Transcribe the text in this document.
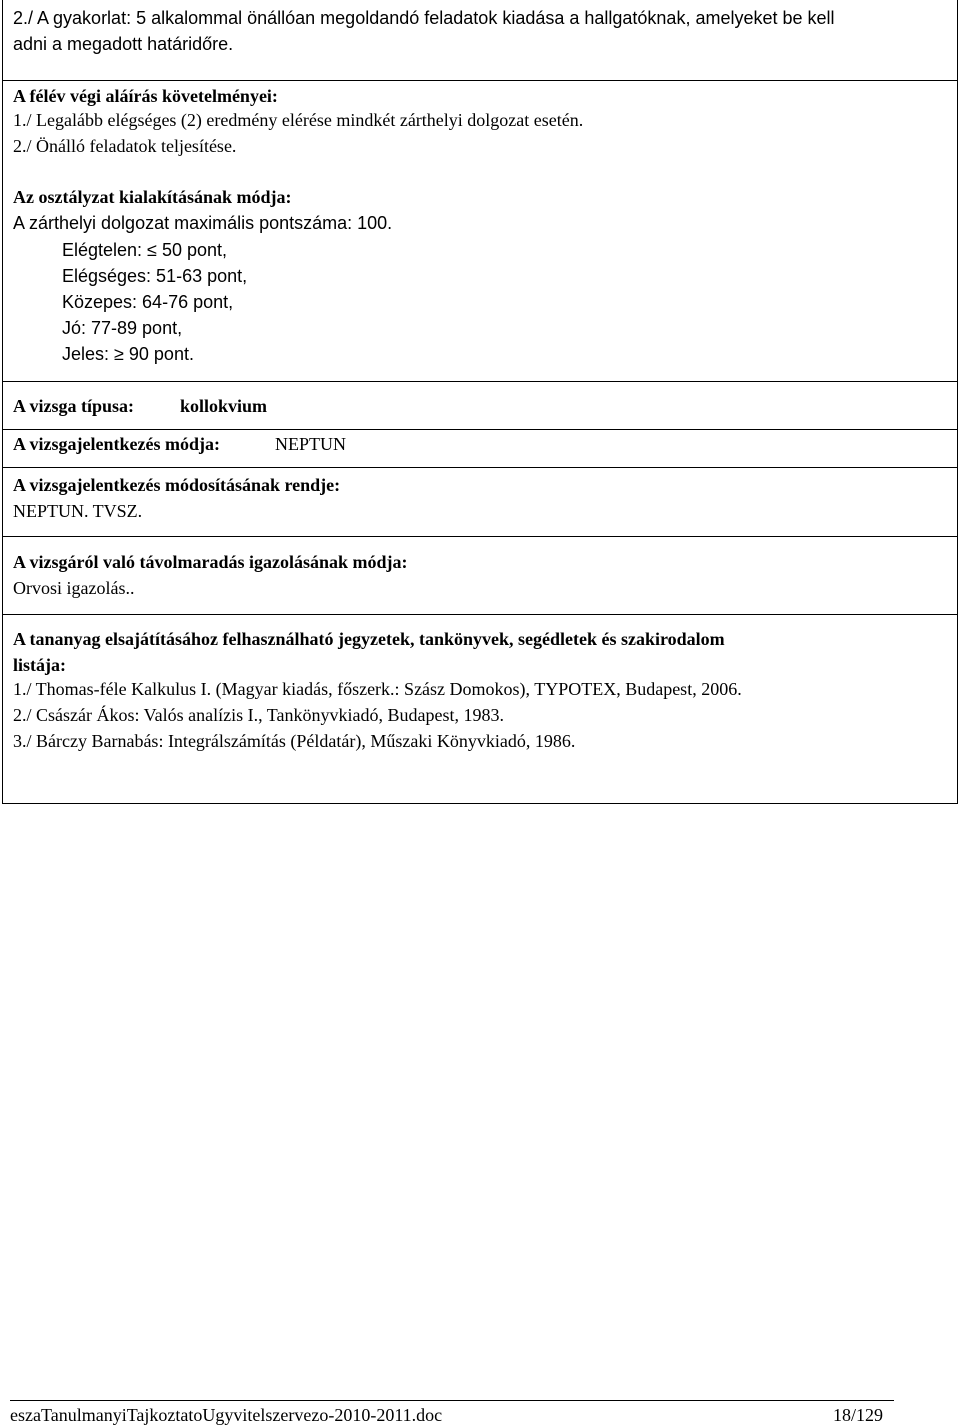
2./ A gyakorlat: 5 alkalommal önállóan megoldandó feladatok kiadása a hallgatóknak, amelyeket be kell
adni a megadott határidőre.
A félév végi aláírás követelményei:
1./ Legalább elégséges (2) eredmény elérése mindkét zárthelyi dolgozat esetén.
2./ Önálló feladatok teljesítése.
Az osztályzat kialakításának módja:
A zárthelyi dolgozat maximális pontszáma: 100.
Elégtelen: ≤ 50 pont,
Elégséges: 51-63 pont,
Közepes: 64-76 pont,
Jó: 77-89 pont,
Jeles: ≥ 90 pont.
A vizsga típusa:	kollokvium
A vizsgajelentkezés módja:	NEPTUN
A vizsgajelentkezés módosításának rendje:
NEPTUN. TVSZ.
A vizsgáról való távolmaradás igazolásának módja:
Orvosi igazolás..
A tananyag elsajátításához felhasználható jegyzetek, tankönyvek, segédletek és szakirodalom
listája:
1./ Thomas-féle Kalkulus I. (Magyar kiadás, főszerk.: Szász Domokos), TYPOTEX, Budapest, 2006.
2./ Császár Ákos: Valós analízis I., Tankönyvkiadó, Budapest, 1983.
3./ Bárczy Barnabás: Integrálszámítás (Példatár), Műszaki Könyvkiadó, 1986.
eszaTanulmanyiTajkoztatoUgyvitelszervezo-2010-2011.doc	18/129
